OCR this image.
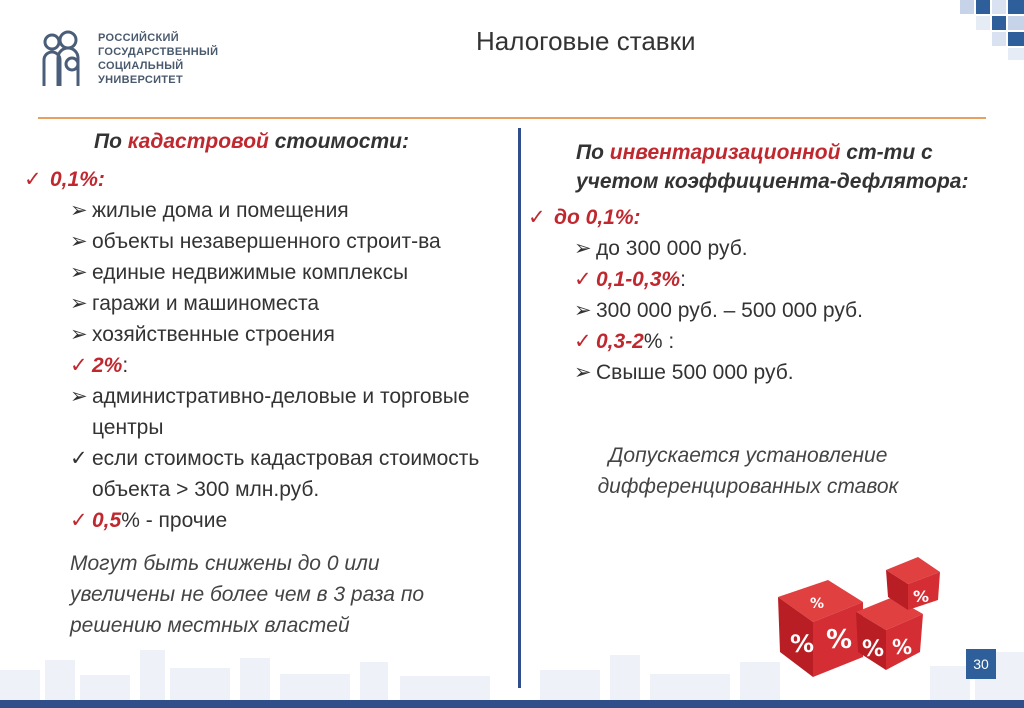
РОССИЙСКИЙ
ГОСУДАРСТВЕННЫЙ
СОЦИАЛЬНЫЙ
УНИВЕРСИТЕТ
Налоговые ставки
По кадастровой стоимости:
✓ 0,1%:
➢ жилые дома и помещения
➢ объекты незавершенного строит-ва
➢ единые недвижимые комплексы
➢ гаражи и машиноместа
➢ хозяйственные строения
✓ 2%:
➢ административно-деловые и торговые центры
✓ если стоимость кадастровая стоимость объекта > 300 млн.руб.
✓ 0,5% - прочие
Могут быть снижены до 0 или увеличены не более чем в 3 раза по решению местных властей
По инвентаризационной ст-ти с учетом коэффициента-дефлятора:
✓ до 0,1%:
➢ до 300 000 руб.
✓ 0,1-0,3%:
➢ 300 000 руб. – 500 000 руб.
✓ 0,3-2% :
➢ Свыше 500 000 руб.
Допускается установление дифференцированных ставок
% %
%
% %
%
30
